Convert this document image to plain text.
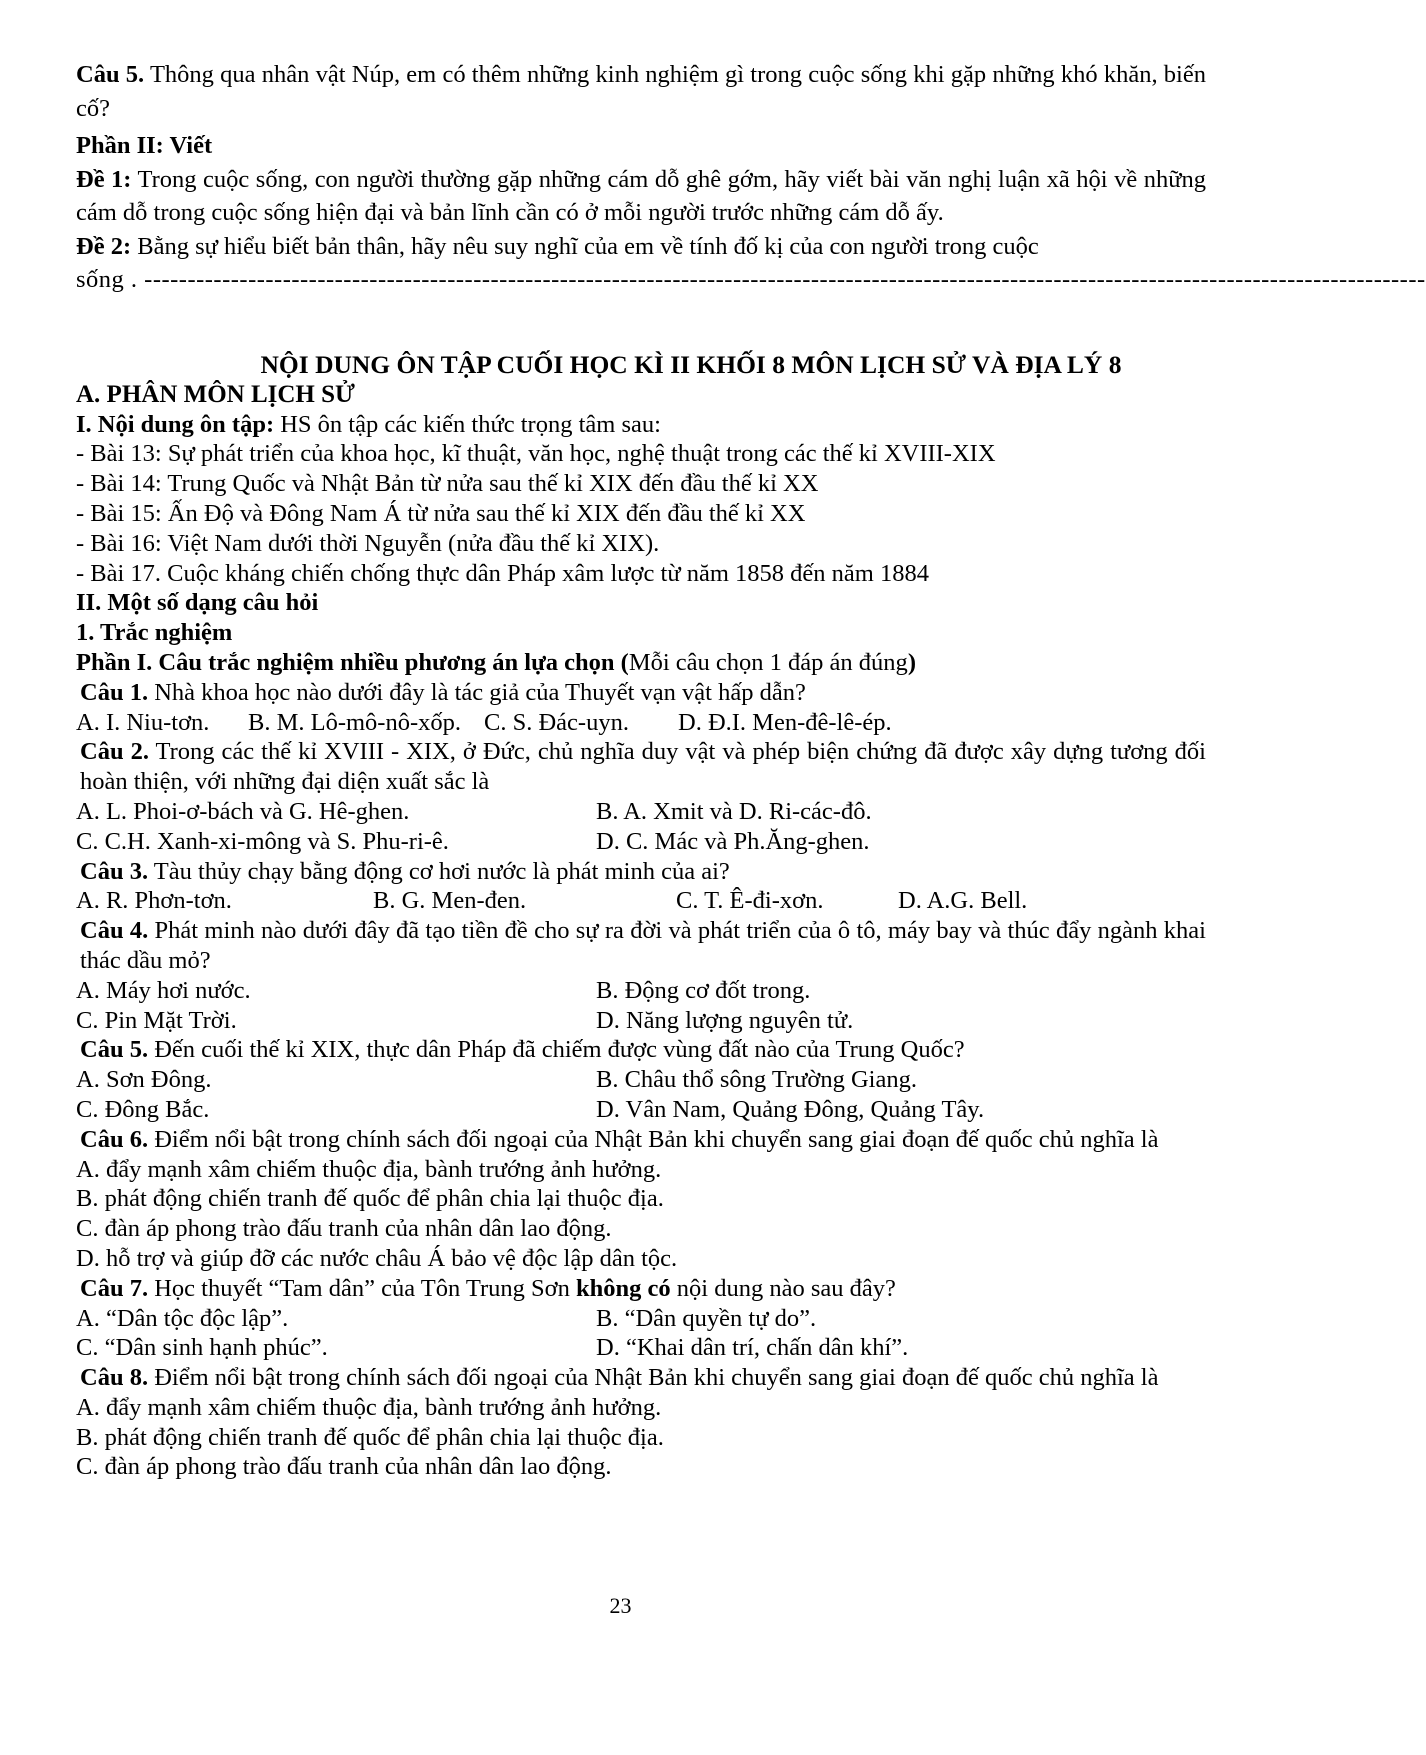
Câu 5. Thông qua nhân vật Núp, em có thêm những kinh nghiệm gì trong cuộc sống khi gặp những khó khăn, biến cố?

Phần II: Viết

Đề 1: Trong cuộc sống, con người thường gặp những cám dỗ ghê gớm, hãy viết bài văn nghị luận xã hội về những cám dỗ trong cuộc sống hiện đại và bản lĩnh cần có ở mỗi người trước những cám dỗ ấy.

Đề 2: Bằng sự hiểu biết bản thân, hãy nêu suy nghĩ của em về tính đố kị của con người trong cuộc

sống . ----------------------------------------------------------------------------------------------------------------------------------------------------
NỘI DUNG ÔN TẬP CUỐI HỌC KÌ II KHỐI 8 MÔN LỊCH SỬ VÀ ĐỊA LÝ 8
A. PHÂN MÔN LỊCH SỬ
I. Nội dung ôn tập: HS ôn tập các kiến thức trọng tâm sau:
- Bài 13: Sự phát triển của khoa học, kĩ thuật, văn học, nghệ thuật trong các thế kỉ XVIII-XIX
- Bài 14: Trung Quốc và Nhật Bản từ nửa sau thế kỉ XIX đến đầu thế kỉ XX
- Bài 15: Ấn Độ và Đông Nam Á từ nửa sau thế kỉ XIX đến đầu thế kỉ XX
- Bài 16: Việt Nam dưới thời Nguyễn (nửa đầu thế kỉ XIX).
- Bài 17. Cuộc kháng chiến chống thực dân Pháp xâm lược từ năm 1858 đến năm 1884
II. Một số dạng câu hỏi
1. Trắc nghiệm
Phần I. Câu trắc nghiệm nhiều phương án lựa chọn (Mỗi câu chọn 1 đáp án đúng)
Câu 1. Nhà khoa học nào dưới đây là tác giả của Thuyết vạn vật hấp dẫn?
A. I. Niu-tơn.	B. M. Lô-mô-nô-xốp. C. S. Đác-uyn.	D. Đ.I. Men-đê-lê-ép.
Câu 2. Trong các thế kỉ XVIII - XIX, ở Đức, chủ nghĩa duy vật và phép biện chứng đã được xây dựng tương đối hoàn thiện, với những đại diện xuất sắc là
A. L. Phoi-ơ-bách và G. Hê-ghen.	B. A. Xmit và D. Ri-các-đô.
C. C.H. Xanh-xi-mông và S. Phu-ri-ê.	D. C. Mác và Ph.Ăng-ghen.
Câu 3. Tàu thủy chạy bằng động cơ hơi nước là phát minh của ai?
A. R. Phơn-tơn.	B. G. Men-đen.	C. T. Ê-đi-xơn.	D. A.G. Bell.
Câu 4. Phát minh nào dưới đây đã tạo tiền đề cho sự ra đời và phát triển của ô tô, máy bay và thúc đẩy ngành khai thác dầu mỏ?
A. Máy hơi nước.	B. Động cơ đốt trong.
C. Pin Mặt Trời.	D. Năng lượng nguyên tử.
Câu 5. Đến cuối thế kỉ XIX, thực dân Pháp đã chiếm được vùng đất nào của Trung Quốc?
A. Sơn Đông.	B. Châu thổ sông Trường Giang.
C. Đông Bắc.	D. Vân Nam, Quảng Đông, Quảng Tây.
Câu 6. Điểm nổi bật trong chính sách đối ngoại của Nhật Bản khi chuyển sang giai đoạn đế quốc chủ nghĩa là
A. đẩy mạnh xâm chiếm thuộc địa, bành trướng ảnh hưởng.
B. phát động chiến tranh đế quốc để phân chia lại thuộc địa.
C. đàn áp phong trào đấu tranh của nhân dân lao động.
D. hỗ trợ và giúp đỡ các nước châu Á bảo vệ độc lập dân tộc.
Câu 7. Học thuyết “Tam dân” của Tôn Trung Sơn không có nội dung nào sau đây?
A. “Dân tộc độc lập”.	B. “Dân quyền tự do”.
C. “Dân sinh hạnh phúc”.	D. “Khai dân trí, chấn dân khí”.
Câu 8. Điểm nổi bật trong chính sách đối ngoại của Nhật Bản khi chuyển sang giai đoạn đế quốc chủ nghĩa là
A. đẩy mạnh xâm chiếm thuộc địa, bành trướng ảnh hưởng.
B. phát động chiến tranh đế quốc để phân chia lại thuộc địa.
C. đàn áp phong trào đấu tranh của nhân dân lao động.
23
